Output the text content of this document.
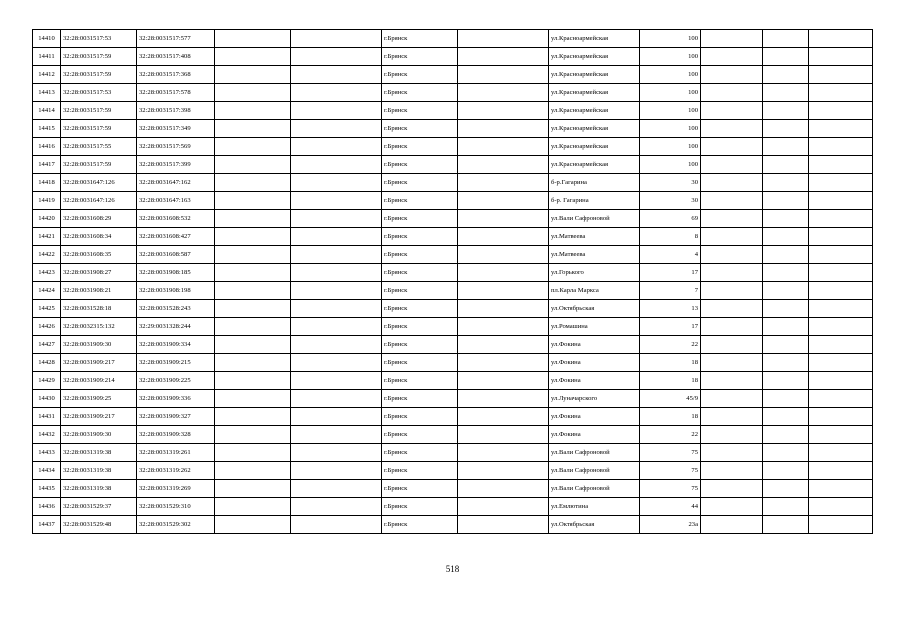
14410	32:28:0031517:53	32:28:0031517:577			г.Брянск		ул.Красноармейская	100			
14411	32:28:0031517:59	32:28:0031517:408			г.Брянск		ул.Красноармейская	100			
14412	32:28:0031517:59	32:28:0031517:368			г.Брянск		ул.Красноармейская	100			
14413	32:28:0031517:53	32:28:0031517:578			г.Брянск		ул.Красноармейская	100			
14414	32:28:0031517:59	32:28:0031517:398			г.Брянск		ул.Красноармейская	100			
14415	32:28:0031517:59	32:28:0031517:349			г.Брянск		ул.Красноармейская	100			
14416	32:28:0031517:55	32:28:0031517:569			г.Брянск		ул.Красноармейская	100			
14417	32:28:0031517:59	32:28:0031517:399			г.Брянск		ул.Красноармейская	100			
14418	32:28:0031647:126	32:28:0031647:162			г.Брянск		б-р.Гагарина	30			
14419	32:28:0031647:126	32:28:0031647:163			г.Брянск		б-р. Гагарина	30			
14420	32:28:0031608:29	32:28:0031608:532			г.Брянск		ул.Вали Сафроновой	69			
14421	32:28:0031608:34	32:28:0031608:427			г.Брянск		ул.Матвеева	8			
14422	32:28:0031608:35	32:28:0031608:587			г.Брянск		ул.Матвеева	4			
14423	32:28:0031908:27	32:28:0031908:185			г.Брянск		ул.Горького	17			
14424	32:28:0031908:21	32:28:0031908:198			г.Брянск		пл.Карла Маркса	7			
14425	32:28:0031528:18	32:28:0031528:243			г.Брянск		ул.Октябрьская	13			
14426	32:28:0032315:132	32:29:0031328:244			г.Брянск		ул.Ромашина	17			
14427	32:28:0031909:30	32:28:0031909:334			г.Брянск		ул.Фокина	22			
14428	32:28:0031909:217	32:28:0031909:215			г.Брянск		ул.Фокина	18			
14429	32:28:0031909:214	32:28:0031909:225			г.Брянск		ул.Фокина	18			
14430	32:28:0031909:25	32:28:0031909:336			г.Брянск		ул.Луначарского	45/9			
14431	32:28:0031909:217	32:28:0031909:327			г.Брянск		ул.Фокина	18			
14432	32:28:0031909:30	32:28:0031909:328			г.Брянск		ул.Фокина	22			
14433	32:28:0031319:38	32:28:0031319:261			г.Брянск		ул.Вали Сафроновой	75			
14434	32:28:0031319:38	32:28:0031319:262			г.Брянск		ул.Вали Сафроновой	75			
14435	32:28:0031319:38	32:28:0031319:269			г.Брянск		ул.Вали Сафроновой	75			
14436	32:28:0031529:37	32:28:0031529:310			г.Брянск		ул.Емлютина	44			
14437	32:28:0031529:48	32:28:0031529:302			г.Брянск		ул.Октябрьская	23а			
518
